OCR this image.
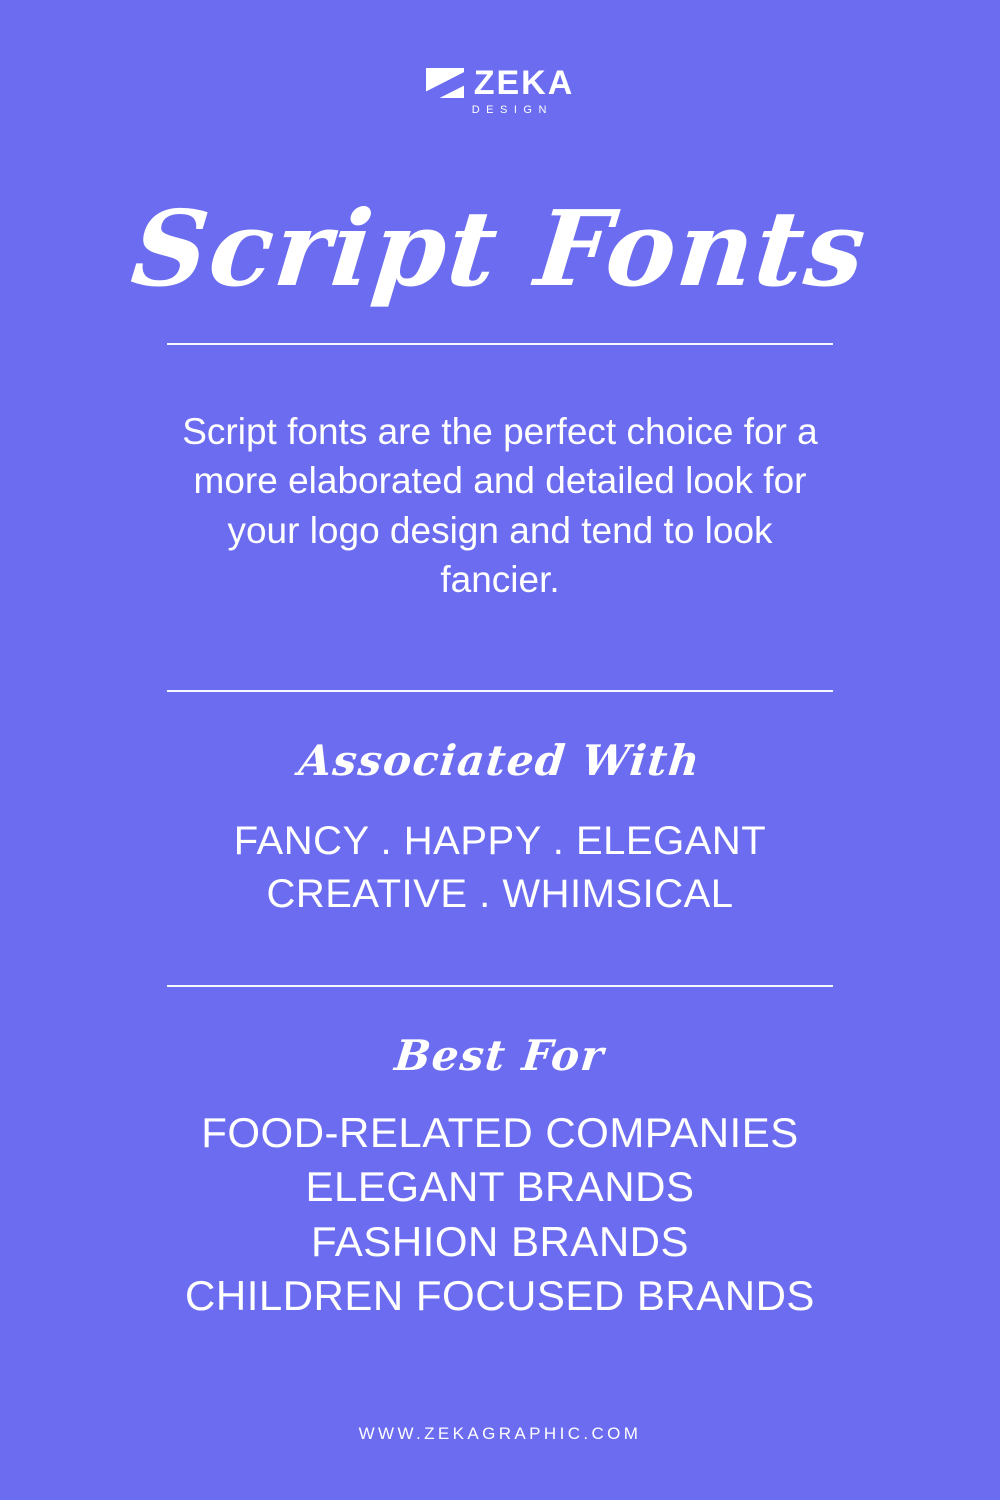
ZEKA
DESIGN
Script Fonts
Script fonts are the perfect choice for a more elaborated and detailed look for your logo design and tend to look fancier.
Associated With
FANCY . HAPPY . ELEGANT
CREATIVE . WHIMSICAL
Best For
FOOD-RELATED COMPANIES
ELEGANT BRANDS
FASHION BRANDS
CHILDREN FOCUSED BRANDS
WWW.ZEKAGRAPHIC.COM
